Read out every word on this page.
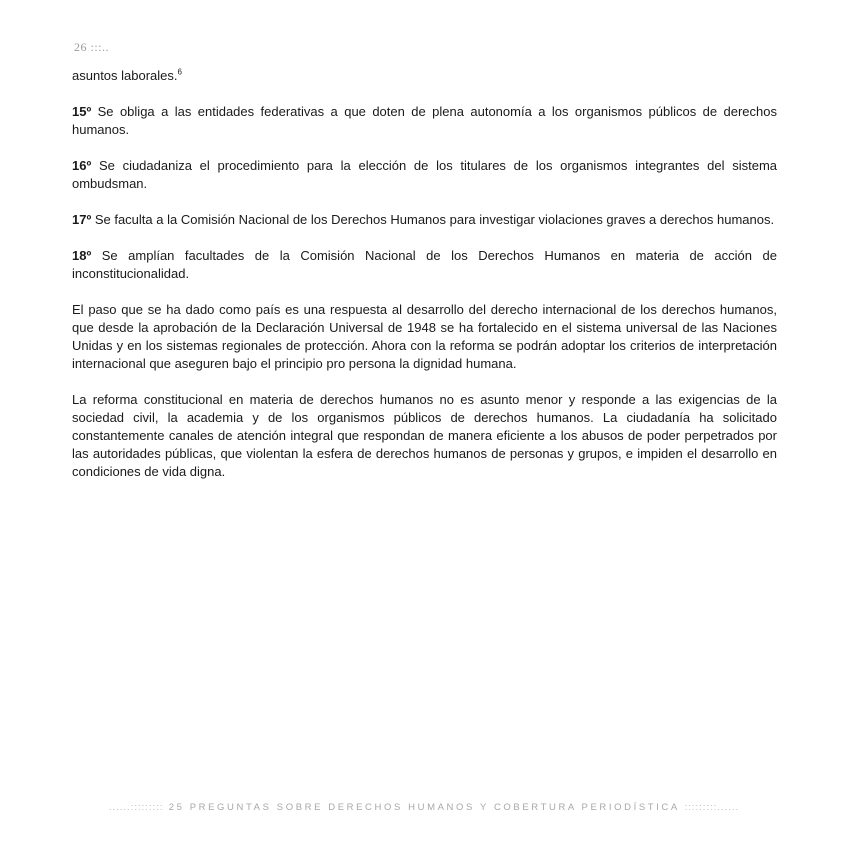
26 :::..

asuntos laborales.$^6$

15º Se obliga a las entidades federativas a que doten de plena autonomía a los organismos públicos de derechos humanos.

16º Se ciudadaniza el procedimiento para la elección de los titulares de los organismos integrantes del sistema ombudsman.

17º Se faculta a la Comisión Nacional de los Derechos Humanos para investigar violaciones graves a derechos humanos.

18º Se amplían facultades de la Comisión Nacional de los Derechos Humanos en materia de acción de inconstitucionalidad.

El paso que se ha dado como país es una respuesta al desarrollo del derecho internacional de los derechos humanos, que desde la aprobación de la Declaración Universal de 1948 se ha fortalecido en el sistema universal de las Naciones Unidas y en los sistemas regionales de protección. Ahora con la reforma se podrán adoptar los criterios de interpretación internacional que aseguren bajo el principio pro persona la dignidad humana.

La reforma constitucional en materia de derechos humanos no es asunto menor y responde a las exigencias de la sociedad civil, la academia y de los organismos públicos de derechos humanos. La ciudadanía ha solicitado constantemente canales de atención integral que respondan de manera eficiente a los abusos de poder perpetrados por las autoridades públicas, que violentan la esfera de derechos humanos de personas y grupos, e impiden el desarrollo en condiciones de vida digna.

......::::::::: 25 PREGUNTAS SOBRE DERECHOS HUMANOS Y COBERTURA PERIODÍSTICA :::::::::......
